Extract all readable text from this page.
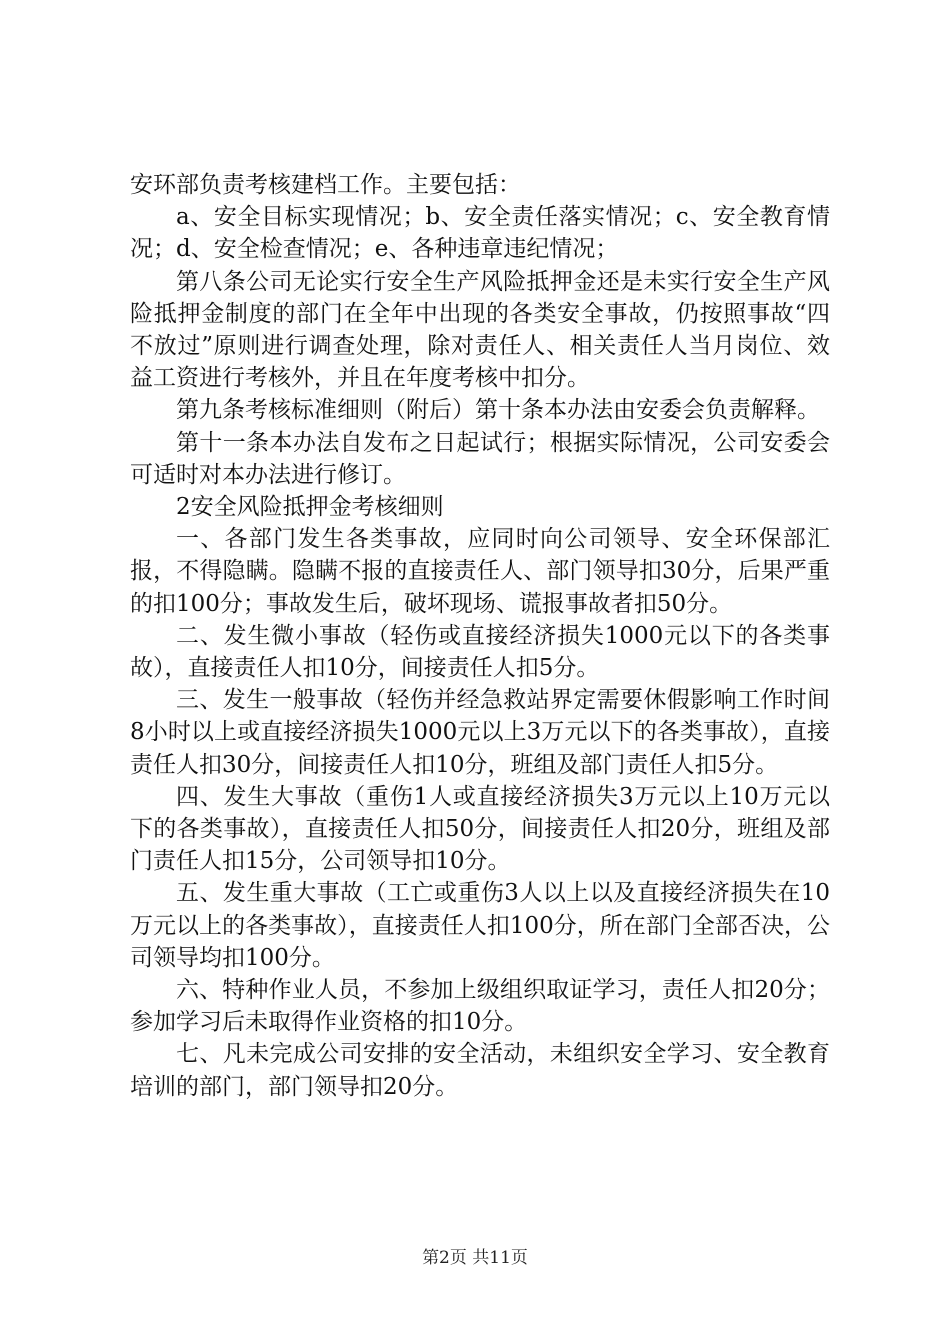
安环部负责考核建档工作。主要包括：

a、安全目标实现情况；b、安全责任落实情况；c、安全教育情况；d、安全检查情况；e、各种违章违纪情况；

第八条公司无论实行安全生产风险抵押金还是未实行安全生产风险抵押金制度的部门在全年中出现的各类安全事故，仍按照事故“四不放过”原则进行调查处理，除对责任人、相关责任人当月岗位、效益工资进行考核外，并且在年度考核中扣分。

第九条考核标准细则（附后）第十条本办法由安委会负责解释。

第十一条本办法自发布之日起试行；根据实际情况，公司安委会可适时对本办法进行修订。

2安全风险抵押金考核细则

一、各部门发生各类事故，应同时向公司领导、安全环保部汇报，不得隐瞒。隐瞒不报的直接责任人、部门领导扣30分，后果严重的扣100分；事故发生后，破坏现场、谎报事故者扣50分。

二、发生微小事故（轻伤或直接经济损失1000元以下的各类事故），直接责任人扣10分，间接责任人扣5分。

三、发生一般事故（轻伤并经急救站界定需要休假影响工作时间8小时以上或直接经济损失1000元以上3万元以下的各类事故），直接责任人扣30分，间接责任人扣10分，班组及部门责任人扣5分。

四、发生大事故（重伤1人或直接经济损失3万元以上10万元以下的各类事故），直接责任人扣50分，间接责任人扣20分，班组及部门责任人扣15分，公司领导扣10分。

五、发生重大事故（工亡或重伤3人以上以及直接经济损失在10万元以上的各类事故），直接责任人扣100分，所在部门全部否决，公司领导均扣100分。

六、特种作业人员，不参加上级组织取证学习，责任人扣20分；参加学习后未取得作业资格的扣10分。

七、凡未完成公司安排的安全活动，未组织安全学习、安全教育培训的部门，部门领导扣20分。

第2页 共11页
